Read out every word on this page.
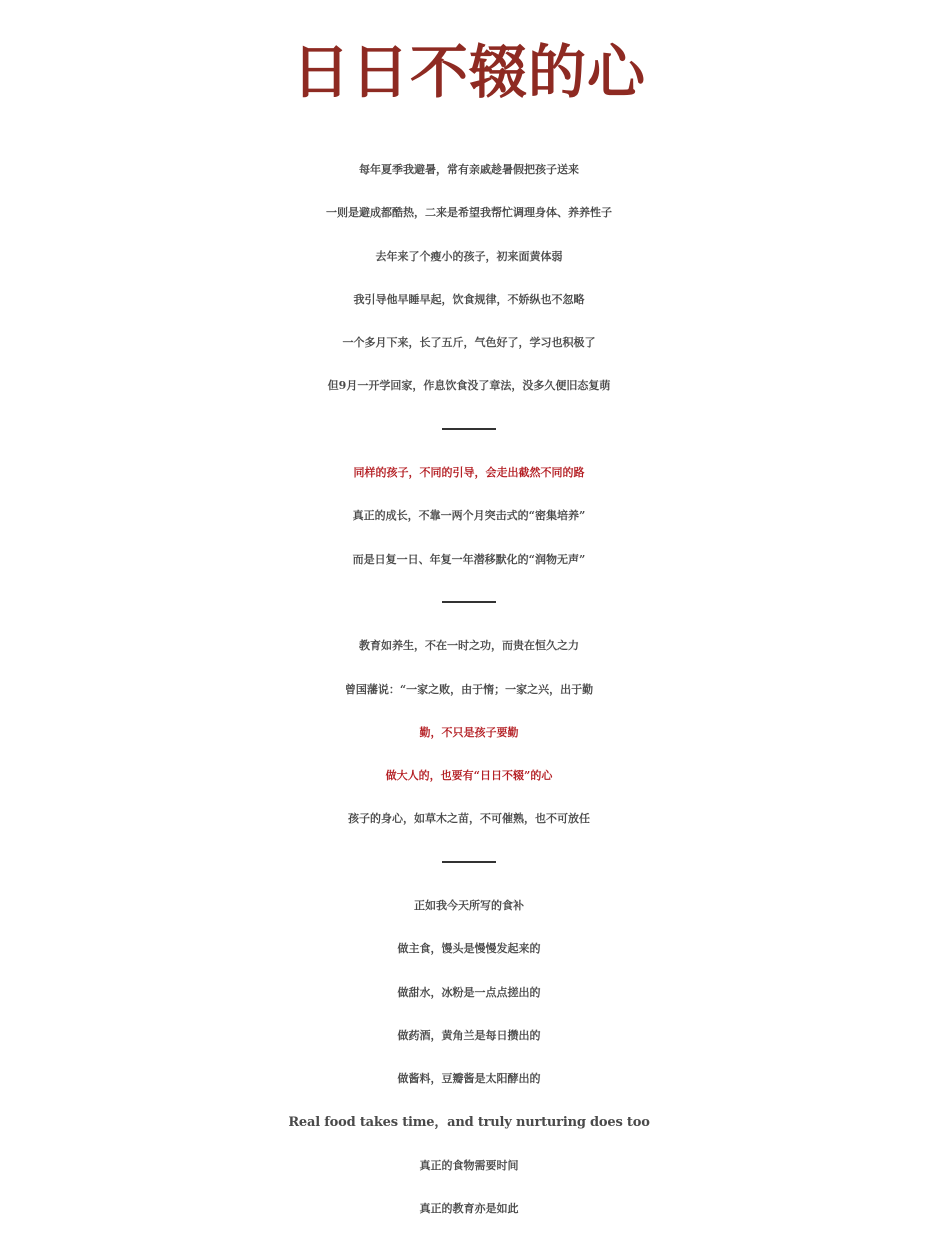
日日不辍的心
每年夏季我避暑，常有亲戚趁暑假把孩子送来
一则是避成都酷热，二来是希望我帮忙调理身体、养养性子
去年来了个瘦小的孩子，初来面黄体弱
我引导他早睡早起，饮食规律，不娇纵也不忽略
一个多月下来，长了五斤，气色好了，学习也积极了
但9月一开学回家，作息饮食没了章法，没多久便旧态复萌
同样的孩子，不同的引导，会走出截然不同的路
真正的成长，不靠一两个月突击式的“密集培养”
而是日复一日、年复一年潜移默化的“润物无声”
教育如养生，不在一时之功，而贵在恒久之力
曾国藩说：“一家之败，由于惰；一家之兴，出于勤
勤，不只是孩子要勤
做大人的，也要有“日日不辍”的心
孩子的身心，如草木之苗，不可催熟，也不可放任
正如我今天所写的食补
做主食，馒头是慢慢发起来的
做甜水，冰粉是一点点搓出的
做药酒，黄角兰是每日攒出的
做酱料，豆瓣酱是太阳酵出的
Real food takes time，and truly nurturing does too
真正的食物需要时间
真正的教育亦是如此
